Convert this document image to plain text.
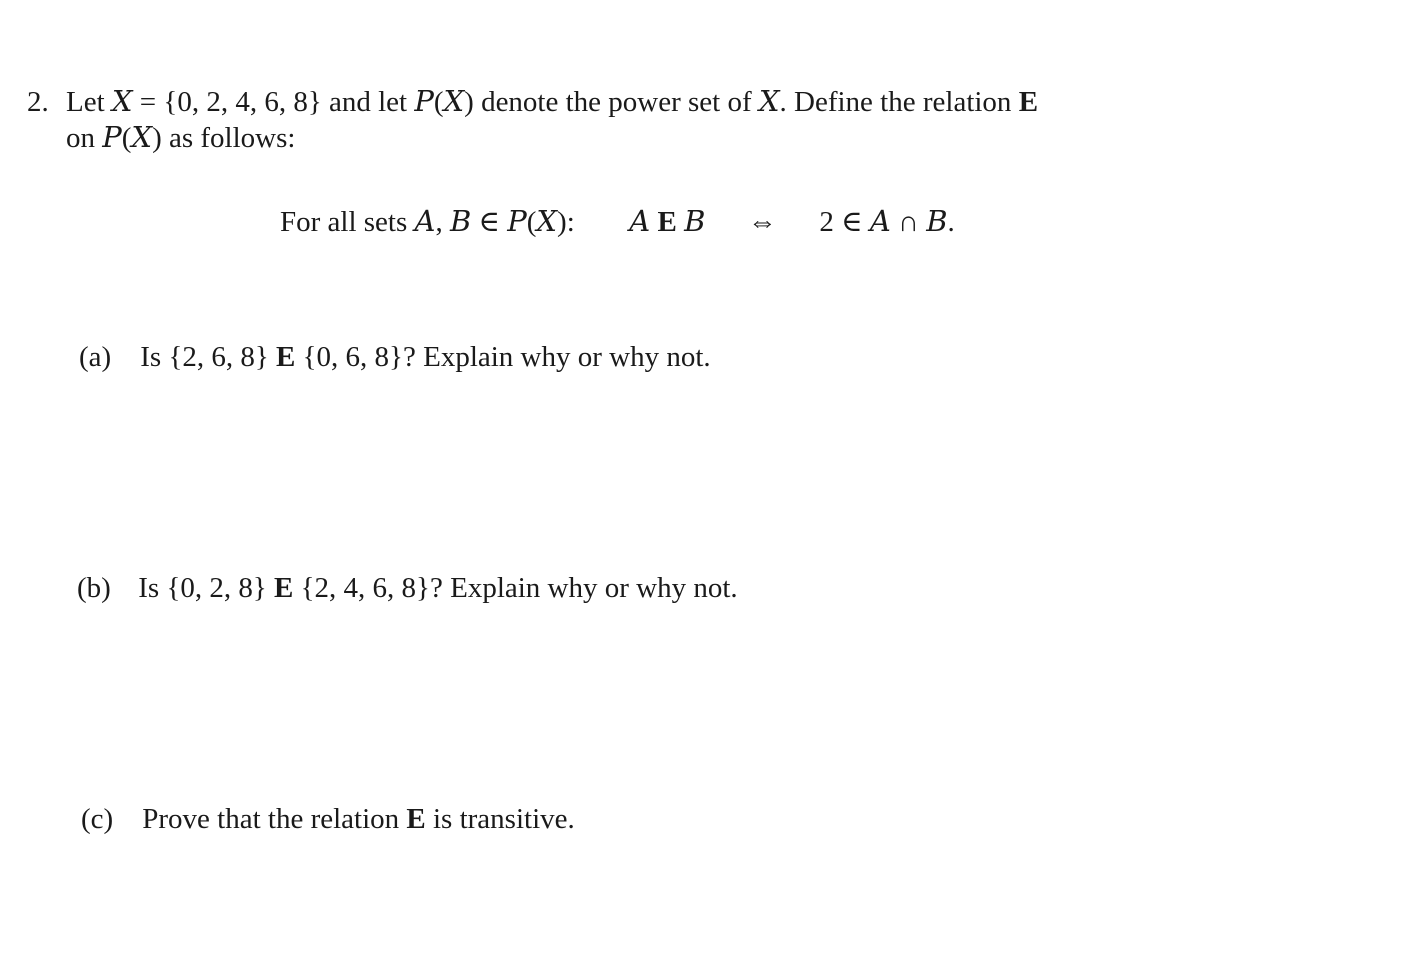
2. Let 𝑋 = {0, 2, 4, 6, 8} and let 𝑃(𝑋) denote the power set of 𝑋. Define the relation E
on 𝑃(𝑋) as follows:
For all sets 𝐴, 𝐵 ∈ 𝑃(𝑋): 𝐴 E 𝐵 ⇔ 2 ∈ 𝐴 ∩ 𝐵.
(a) Is {2, 6, 8} E {0, 6, 8}? Explain why or why not.
(b) Is {0, 2, 8} E {2, 4, 6, 8}? Explain why or why not.
(c) Prove that the relation E is transitive.
